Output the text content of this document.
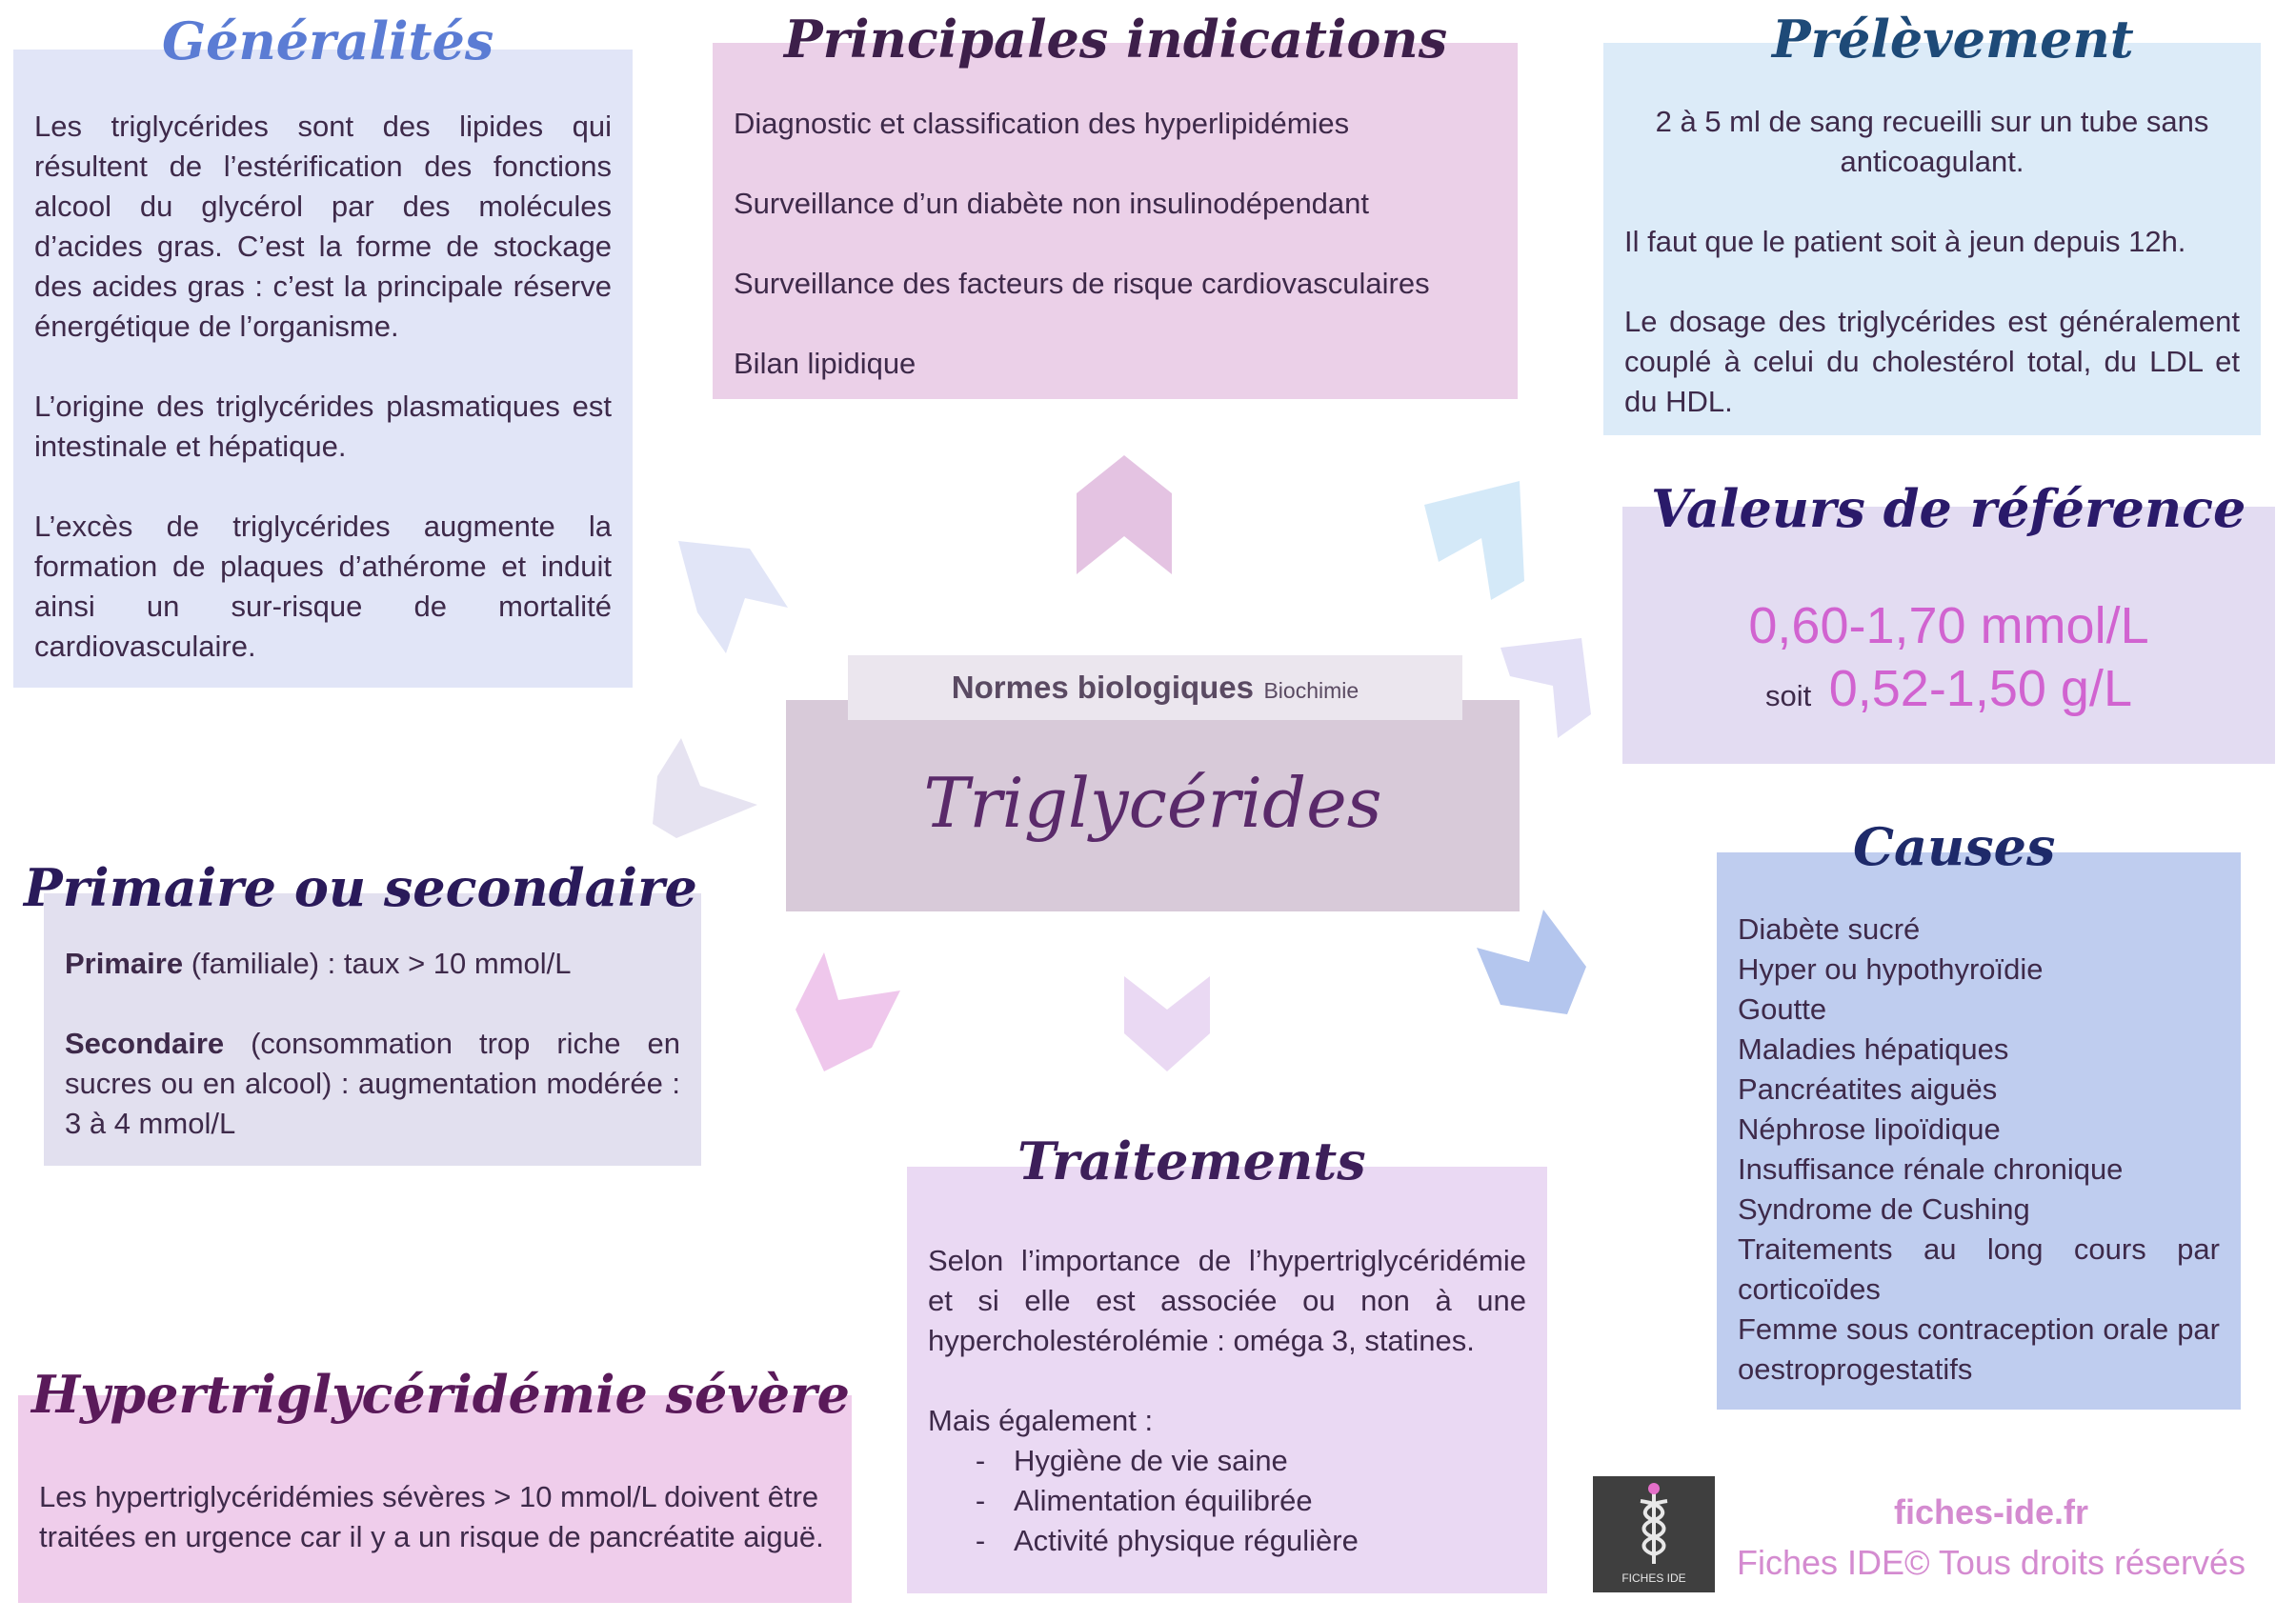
Les triglycérides sont des lipides qui résultent de l’estérification des fonctions alcool du glycérol par des molécules d’acides gras. C’est la forme de stockage des acides gras : c’est la principale réserve énergétique de l’organisme.

L’origine des triglycérides plasmatiques est intestinale et hépatique.

L’excès de triglycérides augmente la formation de plaques d’athérome et induit ainsi un sur-risque de mortalité cardiovasculaire.

Généralités

Diagnostic et classification des hyperlipidémies

Surveillance d’un diabète non insulinodépendant

Surveillance des facteurs de risque cardiovasculaires

Bilan lipidique

Principales indications

2 à 5 ml de sang recueilli sur un tube sans anticoagulant.

Il faut que le patient soit à jeun depuis 12h.

Le dosage des triglycérides est généralement couplé à celui du cholestérol total, du LDL et du HDL.

Prélèvement
0,60-1,70 mmol/L
soit 0,52-1,50 g/L
Valeurs de référence
Triglycérides
Normes biologiques Biochimie

Primaire (familiale) : taux > 10 mmol/L

Secondaire (consommation trop riche en sucres ou en alcool) : augmentation modérée : 3 à 4 mmol/L

Primaire ou secondaire
Diabète sucré
Hyper ou hypothyroïdie
Goutte
Maladies hépatiques
Pancréatites aiguës
Néphrose lipoïdique
Insuffisance rénale chronique
Syndrome de Cushing
Traitements au long cours par corticoïdes
Femme sous contraception orale par oestroprogestatifs
Causes

Selon l’importance de l’hypertriglycéridémie et si elle est associée ou non à une hypercholestérolémie : oméga 3, statines.

Mais également :
- Hygiène de vie saine
- Alimentation équilibrée
- Activité physique régulière
Traitements
Les hypertriglycéridémies sévères > 10 mmol/L doivent être traitées en urgence car il y a un risque de pancréatite aiguë.
Hypertriglycéridémie sévère
FICHES IDE
fiches-ide.fr
Fiches IDE© Tous droits réservés
